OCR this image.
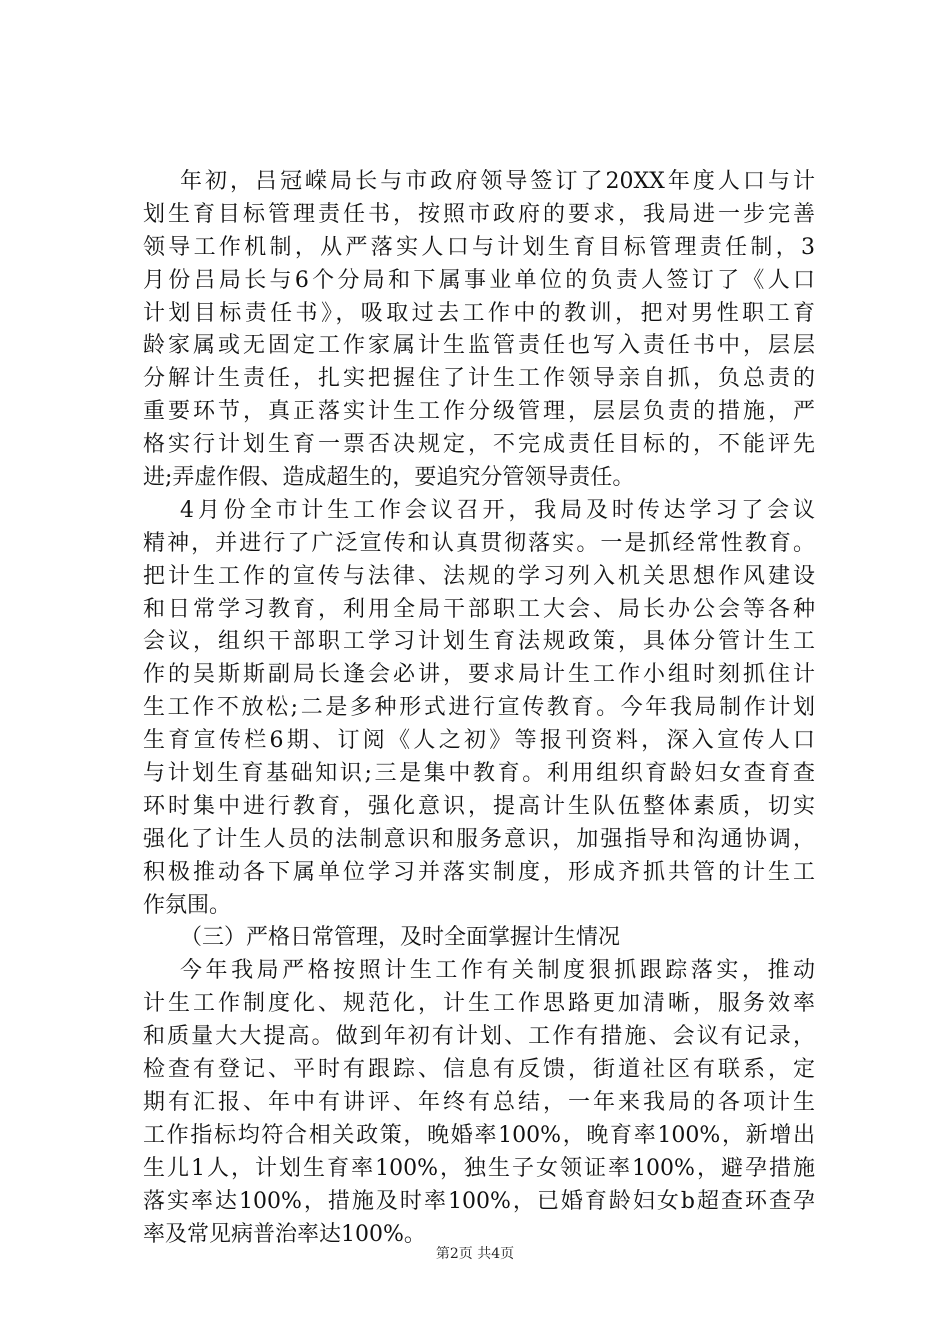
年初，吕冠嵘局长与市政府领导签订了20XX年度人口与计
划生育目标管理责任书，按照市政府的要求，我局进一步完善
领导工作机制，从严落实人口与计划生育目标管理责任制，3
月份吕局长与6个分局和下属事业单位的负责人签订了《人口
计划目标责任书》，吸取过去工作中的教训，把对男性职工育
龄家属或无固定工作家属计生监管责任也写入责任书中，层层
分解计生责任，扎实把握住了计生工作领导亲自抓，负总责的
重要环节，真正落实计生工作分级管理，层层负责的措施，严
格实行计划生育一票否决规定，不完成责任目标的，不能评先
进;弄虚作假、造成超生的，要追究分管领导责任。
4月份全市计生工作会议召开，我局及时传达学习了会议
精神，并进行了广泛宣传和认真贯彻落实。一是抓经常性教育。
把计生工作的宣传与法律、法规的学习列入机关思想作风建设
和日常学习教育，利用全局干部职工大会、局长办公会等各种
会议，组织干部职工学习计划生育法规政策，具体分管计生工
作的吴斯斯副局长逢会必讲，要求局计生工作小组时刻抓住计
生工作不放松;二是多种形式进行宣传教育。今年我局制作计划
生育宣传栏6期、订阅《人之初》等报刊资料，深入宣传人口
与计划生育基础知识;三是集中教育。利用组织育龄妇女查育查
环时集中进行教育，强化意识，提高计生队伍整体素质，切实
强化了计生人员的法制意识和服务意识，加强指导和沟通协调，
积极推动各下属单位学习并落实制度，形成齐抓共管的计生工
作氛围。
（三）严格日常管理，及时全面掌握计生情况
今年我局严格按照计生工作有关制度狠抓跟踪落实，推动
计生工作制度化、规范化，计生工作思路更加清晰，服务效率
和质量大大提高。做到年初有计划、工作有措施、会议有记录，
检查有登记、平时有跟踪、信息有反馈，街道社区有联系，定
期有汇报、年中有讲评、年终有总结，一年来我局的各项计生
工作指标均符合相关政策，晚婚率100%，晚育率100%，新增出
生儿1人，计划生育率100%，独生子女领证率100%，避孕措施
落实率达100%，措施及时率100%，已婚育龄妇女b超查环查孕
率及常见病普治率达100%。
第2页 共4页
